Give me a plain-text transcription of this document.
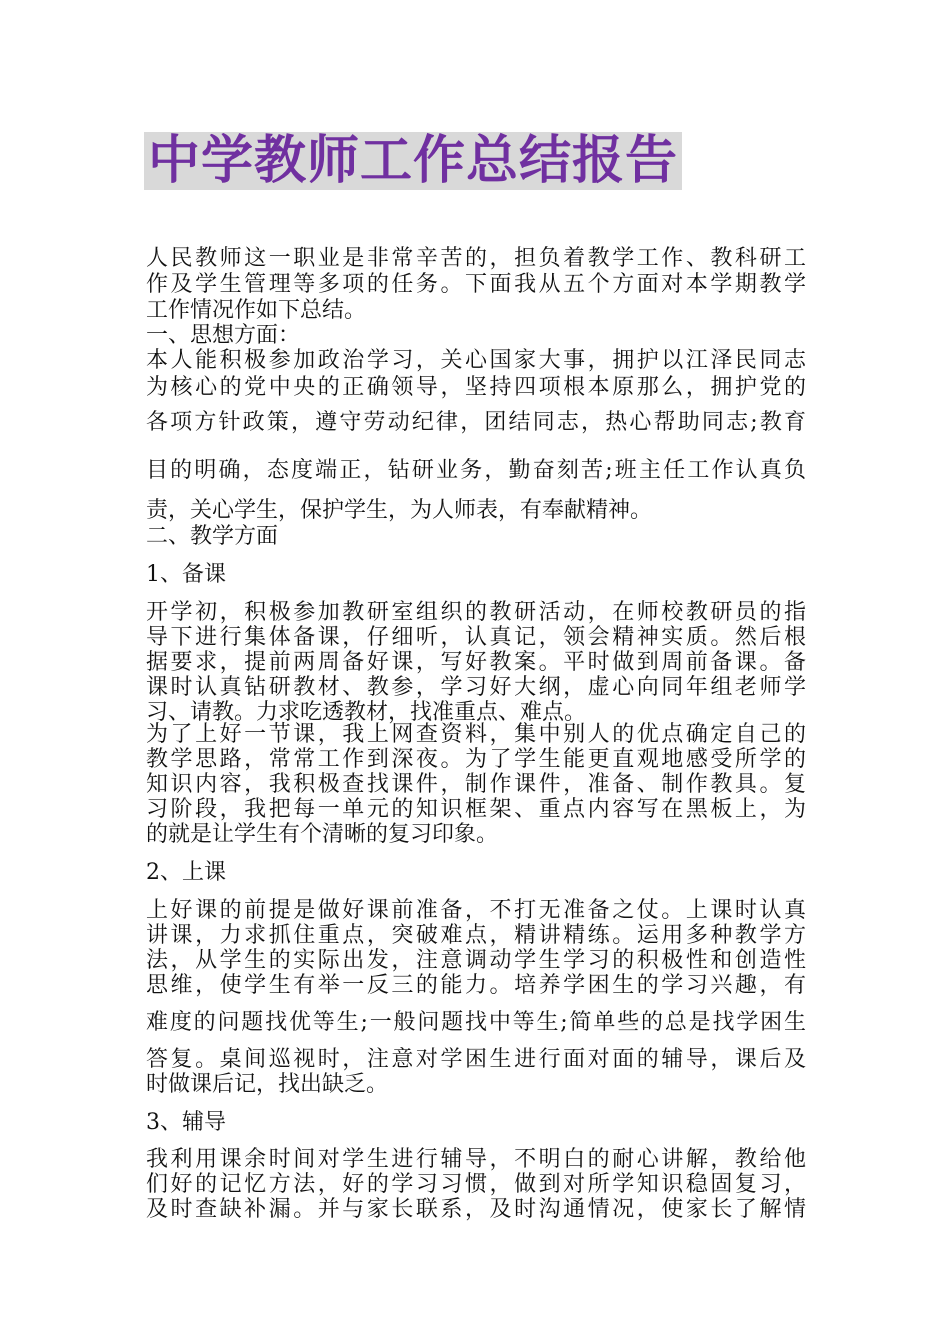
中学教师工作总结报告

人民教师这一职业是非常辛苦的，担负着教学工作、教科研工

作及学生管理等多项的任务。下面我从五个方面对本学期教学

工作情况作如下总结。

一、思想方面：

本人能积极参加政治学习，关心国家大事，拥护以江泽民同志

为核心的党中央的正确领导，坚持四项根本原那么，拥护党的

各项方针政策，遵守劳动纪律，团结同志，热心帮助同志;教育

目的明确，态度端正，钻研业务，勤奋刻苦;班主任工作认真负

责，关心学生，保护学生，为人师表，有奉献精神。

二、教学方面

1、备课

开学初，积极参加教研室组织的教研活动，在师校教研员的指

导下进行集体备课，仔细听，认真记，领会精神实质。然后根

据要求，提前两周备好课，写好教案。平时做到周前备课。备

课时认真钻研教材、教参，学习好大纲，虚心向同年组老师学

习、请教。力求吃透教材，找准重点、难点。

为了上好一节课，我上网查资料，集中别人的优点确定自己的

教学思路，常常工作到深夜。为了学生能更直观地感受所学的

知识内容，我积极查找课件，制作课件，准备、制作教具。复

习阶段，我把每一单元的知识框架、重点内容写在黑板上，为

的就是让学生有个清晰的复习印象。

2、上课

上好课的前提是做好课前准备，不打无准备之仗。上课时认真

讲课，力求抓住重点，突破难点，精讲精练。运用多种教学方

法，从学生的实际出发，注意调动学生学习的积极性和创造性

思维，使学生有举一反三的能力。培养学困生的学习兴趣，有

难度的问题找优等生;一般问题找中等生;简单些的总是找学困生

答复。桌间巡视时，注意对学困生进行面对面的辅导，课后及

时做课后记，找出缺乏。

3、辅导

我利用课余时间对学生进行辅导，不明白的耐心讲解，教给他

们好的记忆方法，好的学习习惯，做到对所学知识稳固复习，

及时查缺补漏。并与家长联系，及时沟通情况，使家长了解情
